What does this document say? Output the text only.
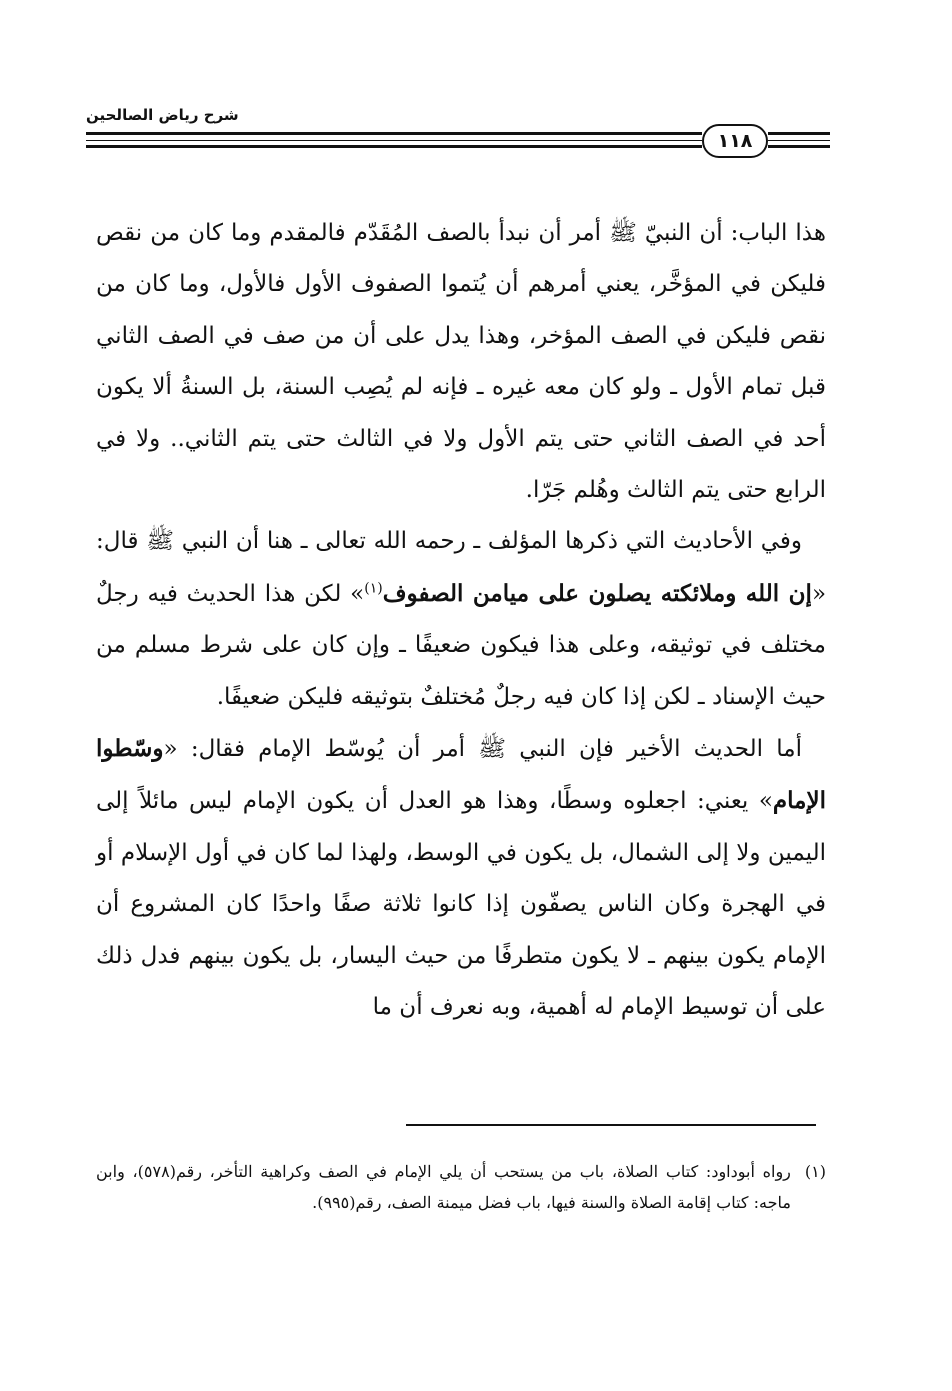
شرح رياض الصالحين
١١٨

هذا الباب: أن النبيّ ﷺ أمر أن نبدأ بالصف المُقَدّم فالمقدم وما كان من نقص فليكن في المؤخَّر، يعني أمرهم أن يُتموا الصفوف الأول فالأول، وما كان من نقص فليكن في الصف المؤخر، وهذا يدل على أن من صف في الصف الثاني قبل تمام الأول ـ ولو كان معه غيره ـ فإنه لم يُصِب السنة، بل السنةُ ألا يكون أحد في الصف الثاني حتى يتم الأول ولا في الثالث حتى يتم الثاني.. ولا في الرابع حتى يتم الثالث وهُلم جَرّا.

وفي الأحاديث التي ذكرها المؤلف ـ رحمه الله تعالى ـ هنا أن النبي ﷺ قال: «إن الله وملائكته يصلون على ميامن الصفوف$^{(١)}$» لكن هذا الحديث فيه رجلٌ مختلف في توثيقه، وعلى هذا فيكون ضعيفًا ـ وإن كان على شرط مسلم من حيث الإسناد ـ لكن إذا كان فيه رجلٌ مُختلفٌ بتوثيقه فليكن ضعيفًا.

أما الحديث الأخير فإن النبي ﷺ أمر أن يُوسّط الإمام فقال: «وسّطوا الإمام» يعني: اجعلوه وسطًا، وهذا هو العدل أن يكون الإمام ليس مائلاً إلى اليمين ولا إلى الشمال، بل يكون في الوسط، ولهذا لما كان في أول الإسلام أو في الهجرة وكان الناس يصفّون إذا كانوا ثلاثة صفًا واحدًا كان المشروع أن الإمام يكون بينهم ـ لا يكون متطرفًا من حيث اليسار، بل يكون بينهم فدل ذلك على أن توسيط الإمام له أهمية، وبه نعرف أن ما

(١)
رواه أبوداود: كتاب الصلاة، باب من يستحب أن يلي الإمام في الصف وكراهية التأخر، رقم(٥٧٨)، وابن ماجه: كتاب إقامة الصلاة والسنة فيها، باب فضل ميمنة الصف، رقم(٩٩٥).
